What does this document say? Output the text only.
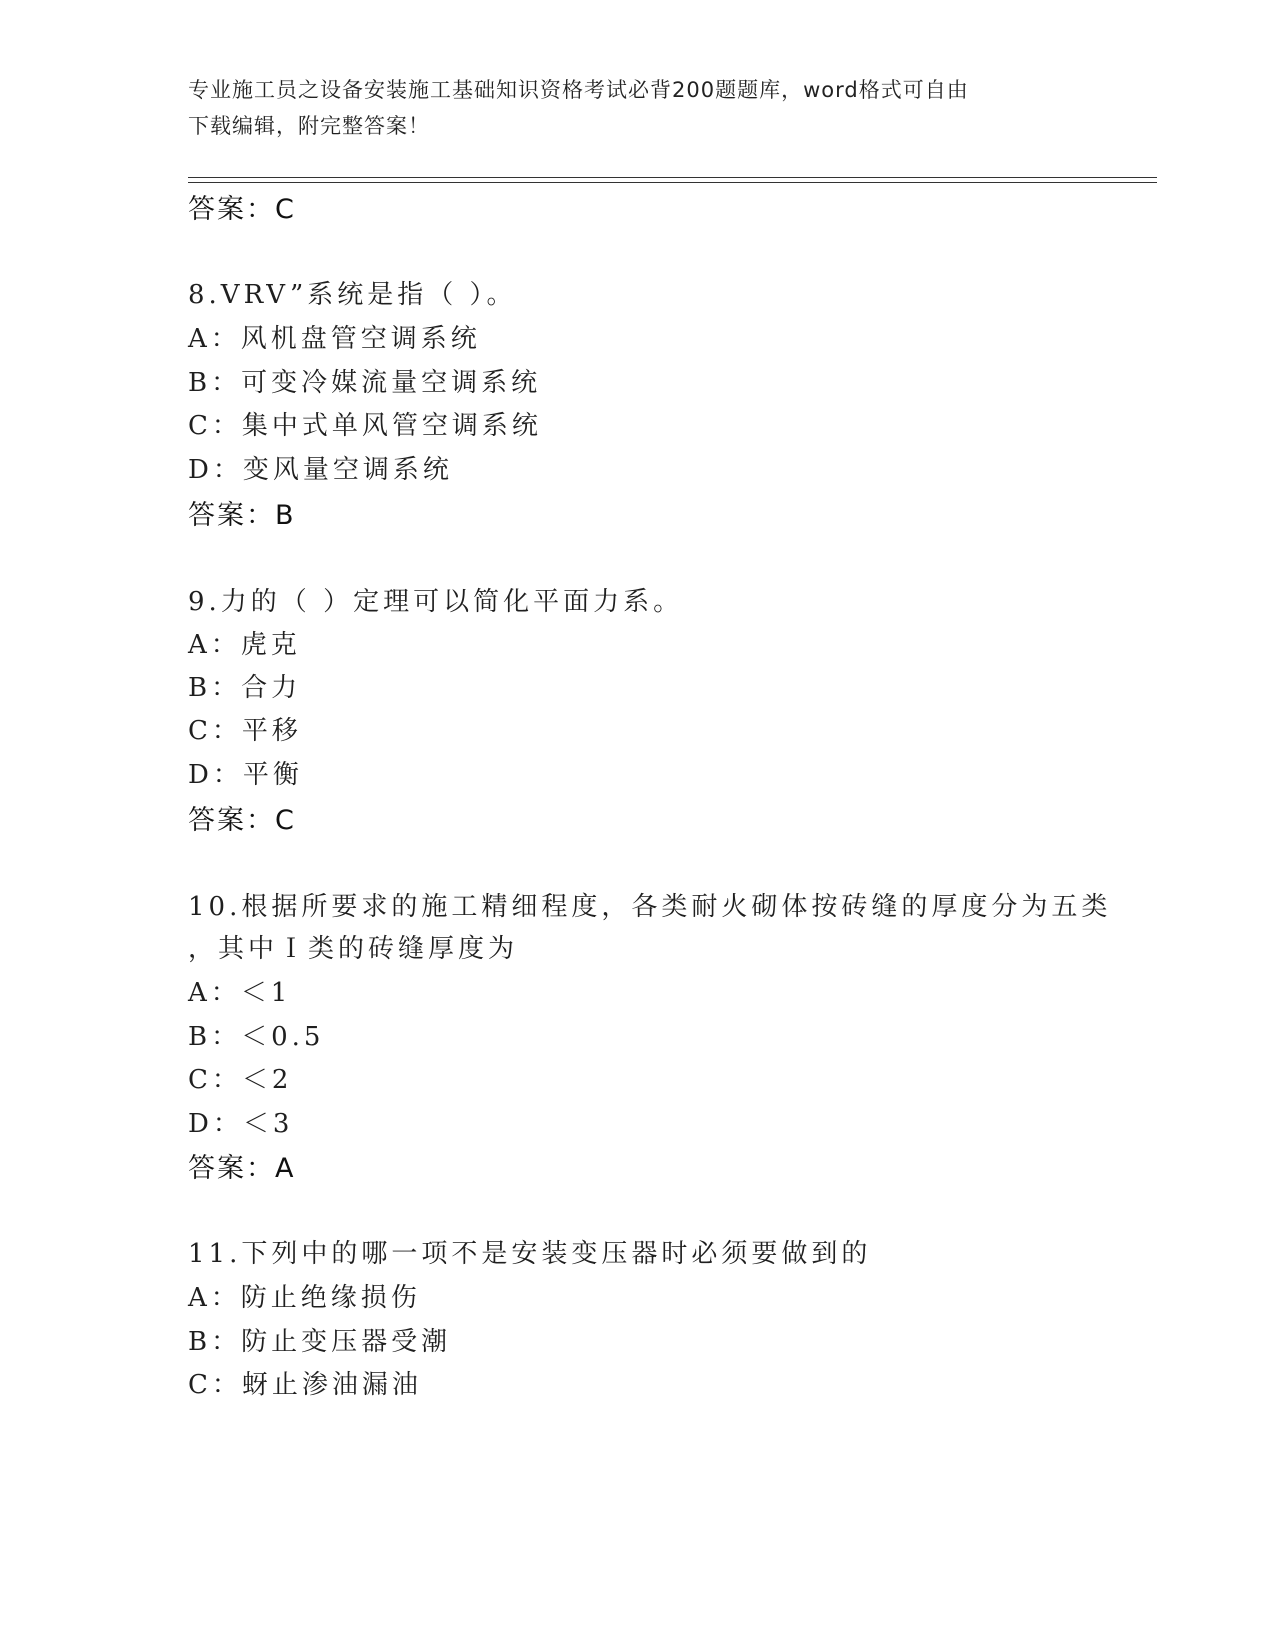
专业施工员之设备安装施工基础知识资格考试必背200题题库，word格式可自由
下载编辑，附完整答案！
答案：C
8.VRV”系统是指（ ）。
A：风机盘管空调系统
B：可变冷媒流量空调系统
C：集中式单风管空调系统
D：变风量空调系统
答案：B
9.力的（ ）定理可以简化平面力系。
A：虎克
B：合力
C：平移
D：平衡
答案：C
10.根据所要求的施工精细程度，各类耐火砌体按砖缝的厚度分为五类
，其中Ｉ类的砖缝厚度为
A：＜1
B：＜0.5
C：＜2
D：＜3
答案：A
11.下列中的哪一项不是安装变压器时必须要做到的
A：防止绝缘损伤
B：防止变压器受潮
C：蚜止渗油漏油
